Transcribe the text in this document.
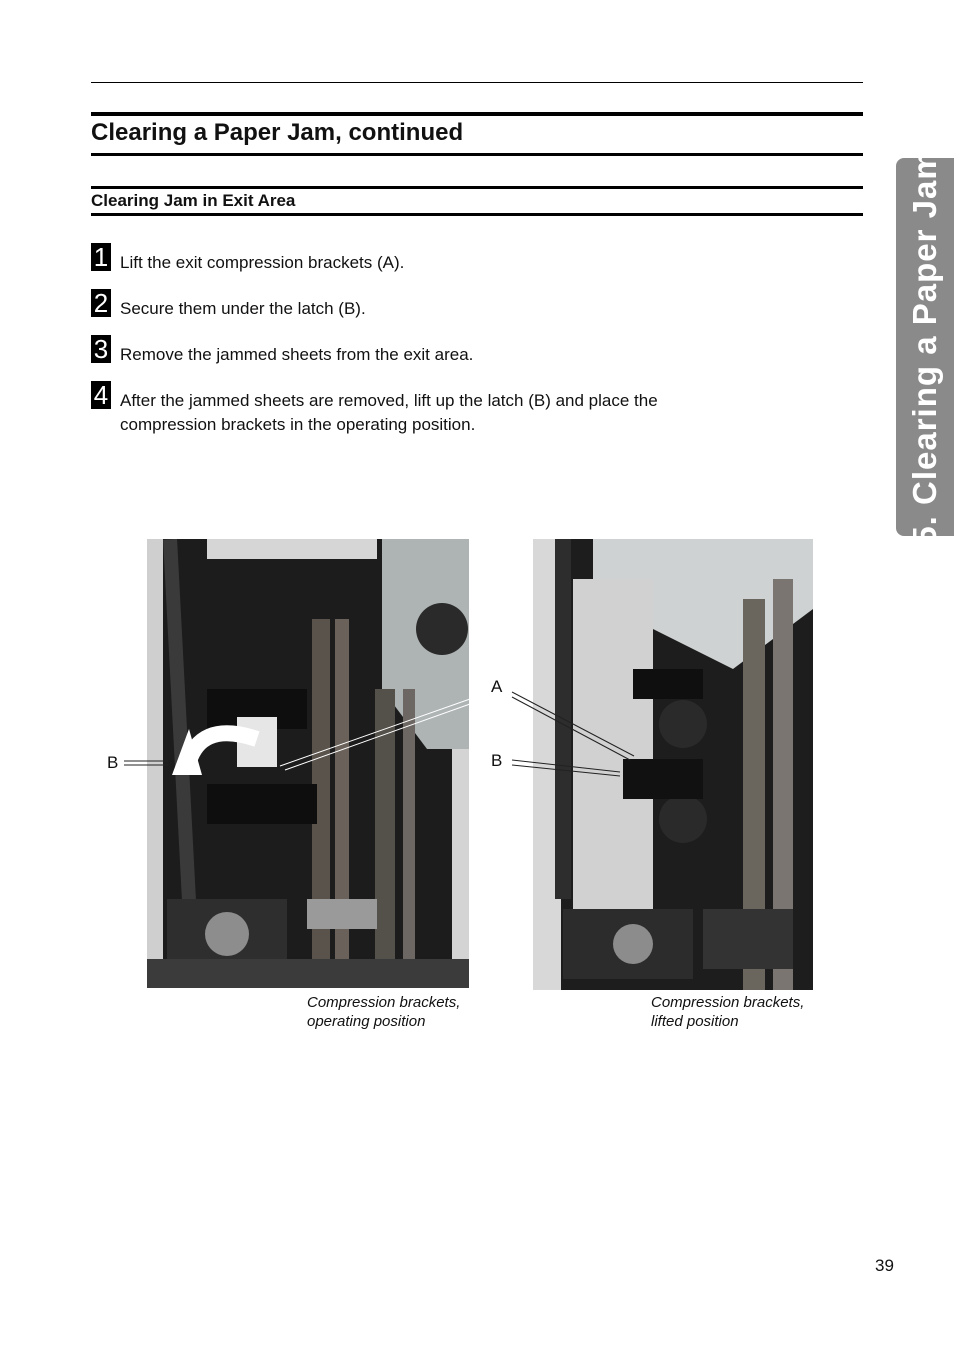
Clearing a Paper Jam, continued
Clearing Jam in Exit Area
1 Lift the exit compression brackets (A).
2 Secure them under the latch (B).
3 Remove the jammed sheets from the exit area.
4 After the jammed sheets are removed, lift up the latch (B) and place the
compression brackets in the operating position.	5. Clearing a Paper Jam
B
A
B
Compression brackets,
operating position
Compression brackets,
lifted position
39
